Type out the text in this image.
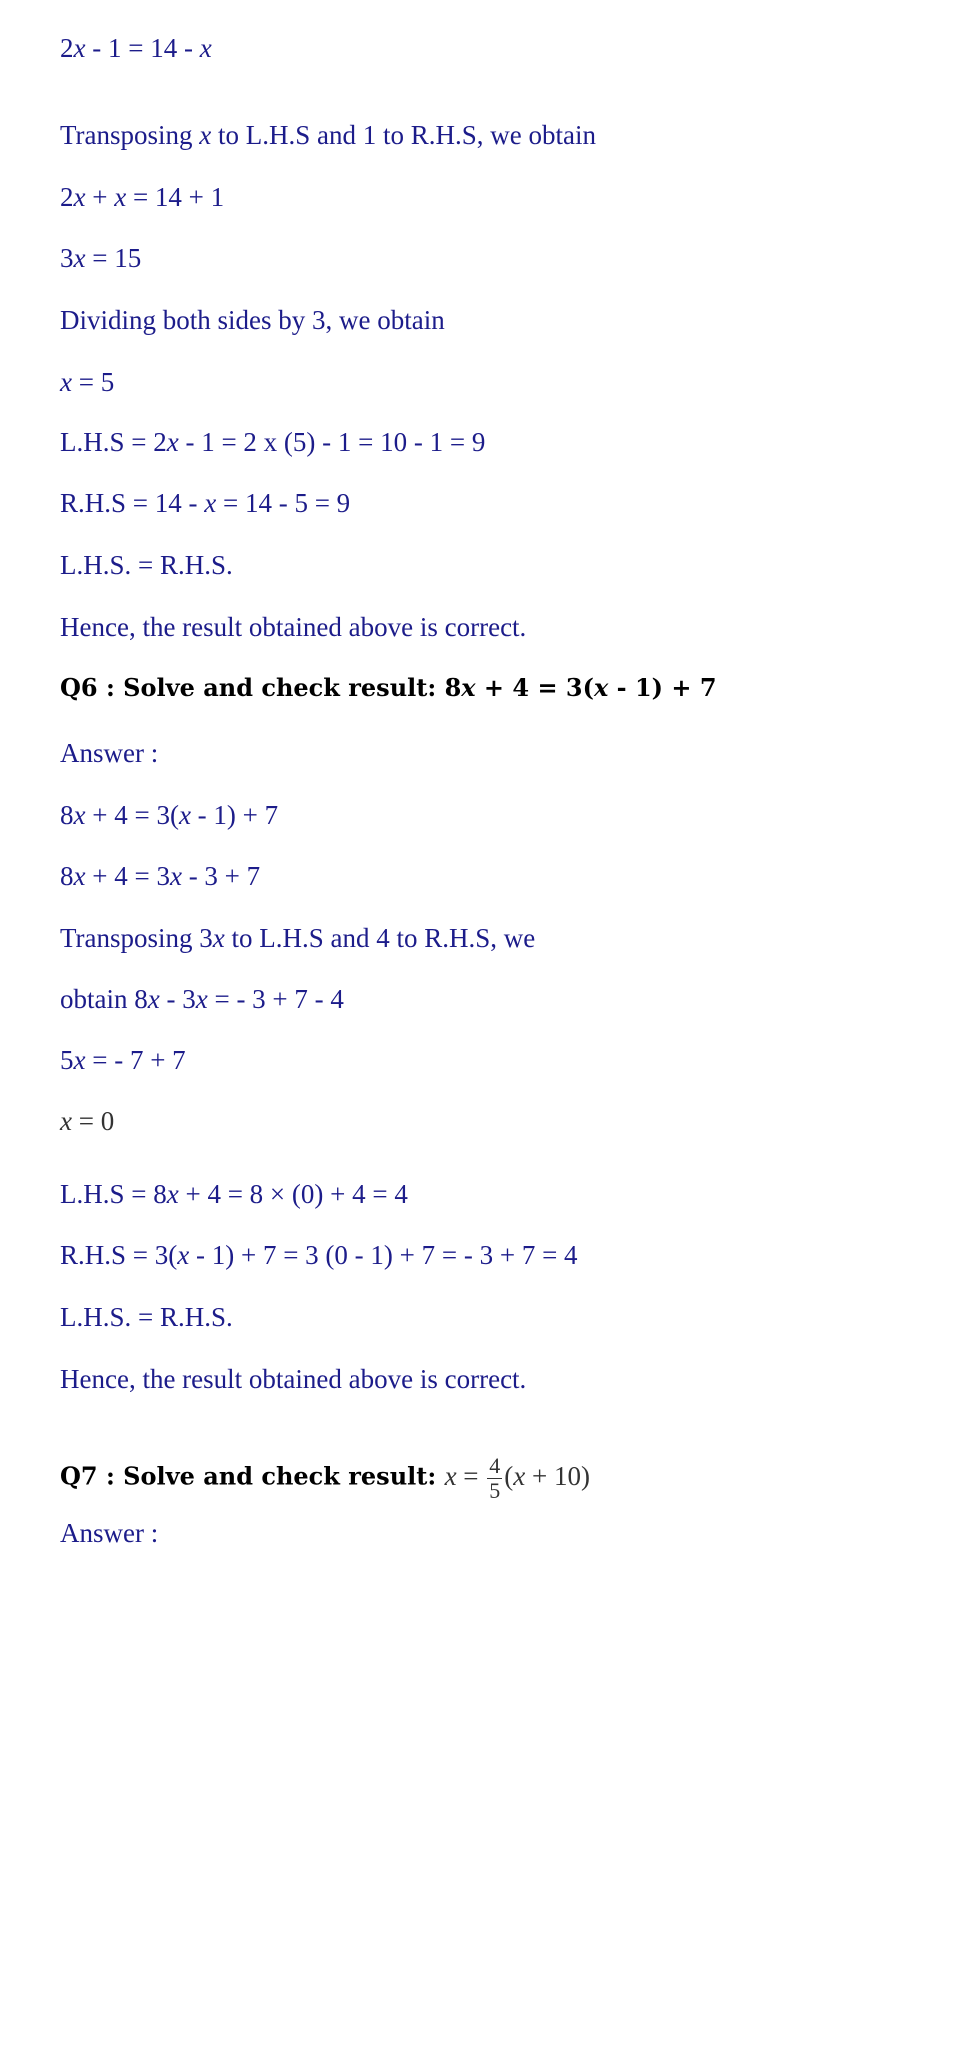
2x - 1 = 14 - x
Transposing x to L.H.S and 1 to R.H.S, we obtain
2x + x = 14 + 1
3x = 15
Dividing both sides by 3, we obtain
x = 5
L.H.S = 2x - 1 = 2 x (5) - 1 = 10 - 1 = 9
R.H.S = 14 - x = 14 - 5 = 9
L.H.S. = R.H.S.
Hence, the result obtained above is correct.
Q6 : Solve and check result: 8x + 4 = 3(x - 1) + 7
Answer :
8x + 4 = 3(x - 1) + 7
8x + 4 = 3x - 3 + 7
Transposing 3x to L.H.S and 4 to R.H.S, we
obtain 8x - 3x = - 3 + 7 - 4
5x = - 7 + 7
x = 0
L.H.S = 8x + 4 = 8 × (0) + 4 = 4
R.H.S = 3(x - 1) + 7 = 3 (0 - 1) + 7 = - 3 + 7 = 4
L.H.S. = R.H.S.
Hence, the result obtained above is correct.
Q7 : Solve and check result: $x = \frac{4}{5} (x + 10)$
Answer :
